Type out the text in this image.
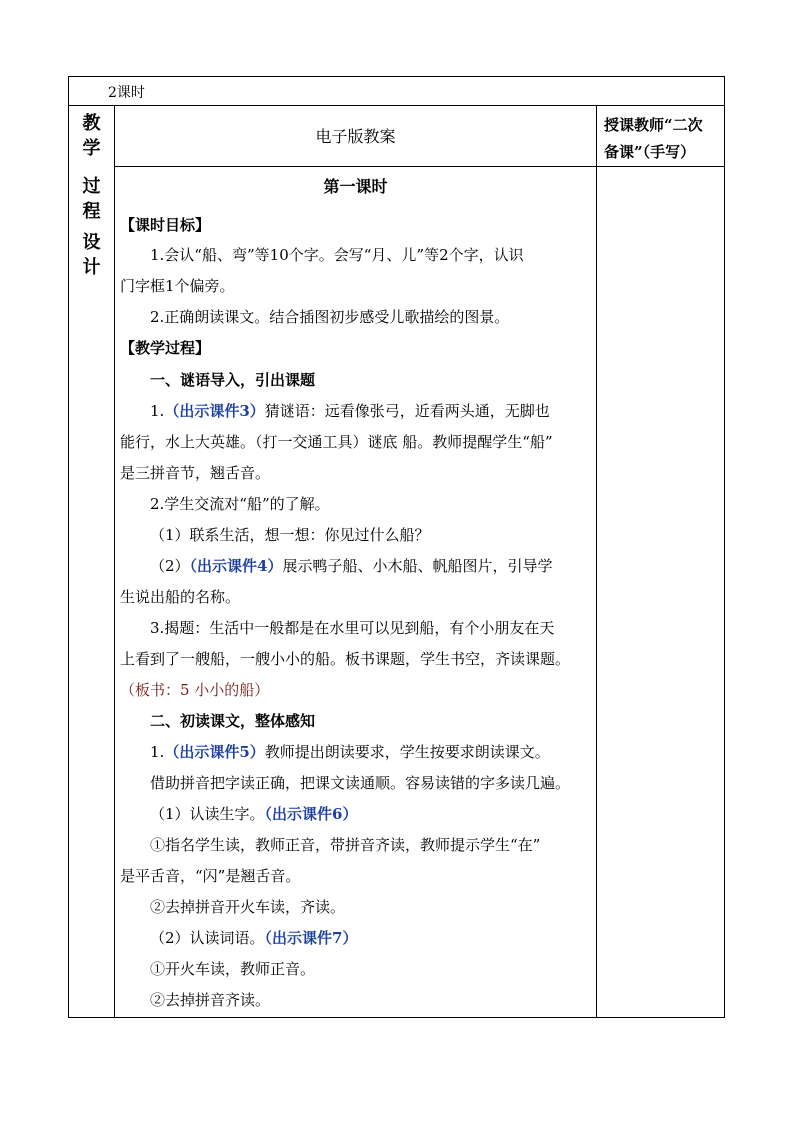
2课时
教
学
过
程
设
计
电子版教案
授课教师“二次
备课”（手写）
第一课时
【课时目标】
1.会认“船、弯”等10个字。会写“月、儿”等2个字，认识
门字框1个偏旁。
2.正确朗读课文。结合插图初步感受儿歌描绘的图景。
【教学过程】
一、谜语导入，引出课题
1.（出示课件3）猜谜语：远看像张弓，近看两头通，无脚也
能行，水上大英雄。（打一交通工具）谜底 船。教师提醒学生“船”
是三拼音节，翘舌音。
2.学生交流对“船”的了解。
（1）联系生活，想一想：你见过什么船？
（2）（出示课件4）展示鸭子船、小木船、帆船图片，引导学
生说出船的名称。
3.揭题：生活中一般都是在水里可以见到船，有个小朋友在天
上看到了一艘船，一艘小小的船。板书课题，学生书空，齐读课题。
（板书：5 小小的船）
二、初读课文，整体感知
1.（出示课件5）教师提出朗读要求，学生按要求朗读课文。
借助拼音把字读正确，把课文读通顺。容易读错的字多读几遍。
（1）认读生字。（出示课件6）
①指名学生读，教师正音，带拼音齐读，教师提示学生“在”
是平舌音，“闪”是翘舌音。
②去掉拼音开火车读，齐读。
（2）认读词语。（出示课件7）
①开火车读，教师正音。
②去掉拼音齐读。
